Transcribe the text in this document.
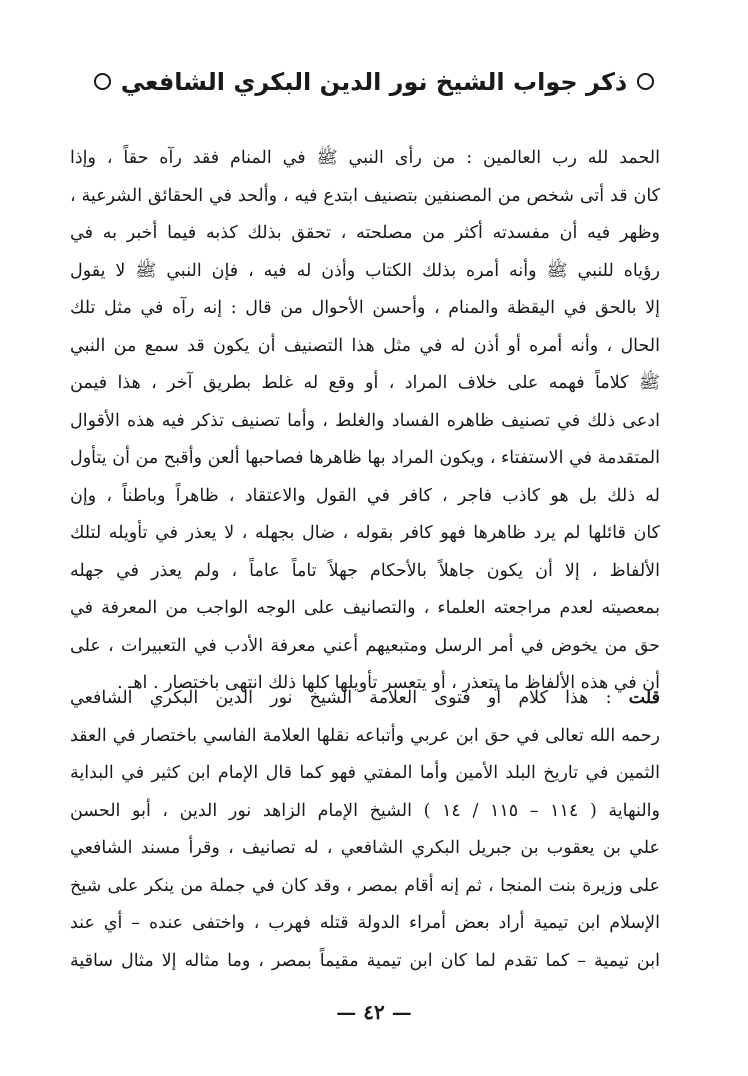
ذكر جواب الشيخ نور الدين البكري الشافعي
الحمد لله رب العالمين : من رأى النبي ﷺ في المنام فقد رآه حقاً ، وإذا
كان قد أتى شخص من المصنفين بتصنيف ابتدع فيه ، وألحد في الحقائق الشرعية ،
وظهر فيه أن مفسدته أكثر من مصلحته ، تحقق بذلك كذبه فيما أخبر به في
رؤياه للنبي ﷺ وأنه أمره بذلك الكتاب وأذن له فيه ، فإن النبي ﷺ لا يقول
إلا بالحق في اليقظة والمنام ، وأحسن الأحوال من قال : إنه رآه في مثل تلك
الحال ، وأنه أمره أو أذن له في مثل هذا التصنيف أن يكون قد سمع من النبي
ﷺ كلاماً فهمه على خلاف المراد ، أو وقع له غلط بطريق آخر ، هذا فيمن
ادعى ذلك في تصنيف ظاهره الفساد والغلط ، وأما تصنيف تذكر فيه هذه الأقوال
المتقدمة في الاستفتاء ، ويكون المراد بها ظاهرها فصاحبها ألعن وأقبح من أن يتأول
له ذلك بل هو كاذب فاجر ، كافر في القول والاعتقاد ، ظاهراً وباطناً ، وإن
كان قائلها لم يرد ظاهرها فهو كافر بقوله ، ضال بجهله ، لا يعذر في تأويله لتلك
الألفاظ ، إلا أن يكون جاهلاً بالأحكام جهلاً تاماً عاماً ، ولم يعذر في جهله
بمعصيته لعدم مراجعته العلماء ، والتصانيف على الوجه الواجب من المعرفة في
حق من يخوض في أمر الرسل ومتبعيهم أعني معرفة الأدب في التعبيرات ، على
أن في هذه الألفاظ ما يتعذر ، أو يتعسر تأويلها كلها ذلك انتهى باختصار . اهـ .
قلت : هذا كلام أو فتوى العلامة الشيخ نور الدين البكري الشافعي
رحمه الله تعالى في حق ابن عربي وأتباعه نقلها العلامة الفاسي باختصار في العقد
الثمين في تاريخ البلد الأمين وأما المفتي فهو كما قال الإمام ابن كثير في البداية
والنهاية ( ١١٤ – ١١٥ / ١٤ ) الشيخ الإمام الزاهد نور الدين ، أبو الحسن
علي بن يعقوب بن جبريل البكري الشافعي ، له تصانيف ، وقرأ مسند الشافعي
على وزيرة بنت المنجا ، ثم إنه أقام بمصر ، وقد كان في جملة من ينكر على شيخ
الإسلام ابن تيمية أراد بعض أمراء الدولة قتله فهرب ، واختفى عنده – أي عند
ابن تيمية – كما تقدم لما كان ابن تيمية مقيماً بمصر ، وما مثاله إلا مثال ساقية
— ٤٢ —
